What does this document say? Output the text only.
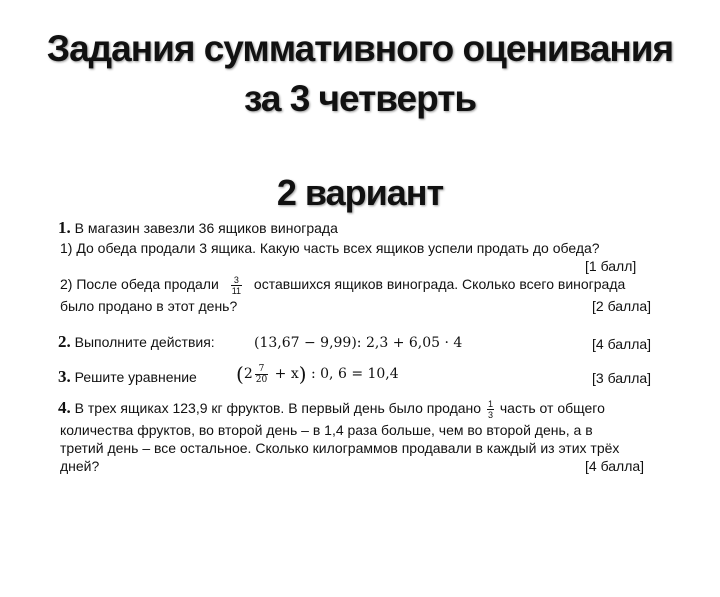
Задания суммативного оценивания
за 3 четверть
2 вариант
1. В магазин завезли 36 ящиков винограда
1) До обеда продали 3 ящика. Какую часть всех ящиков успели продать до обеда?
[1 балл]
2) После обеда продали $\frac{3}{11}$ оставшихся ящиков винограда. Сколько всего винограда
было продано в этот день?	[2 балла]
2. Выполните действия:	(13,67 − 9,99): 2,3 + 6,05 · 4	[4 балла]
3. Решите уравнение $(2 \frac{7}{20} + x)$ : 0, 6 = 10,4	[3 балла]
4. В трех ящиках 123,9 кг фруктов. В первый день было продано $\frac{1}{3}$ часть от общего
количества фруктов, во второй день – в 1,4 раза больше, чем во второй день, а в
третий день – все остальное. Сколько килограммов продавали в каждый из этих трёх
дней?	[4 балла]
